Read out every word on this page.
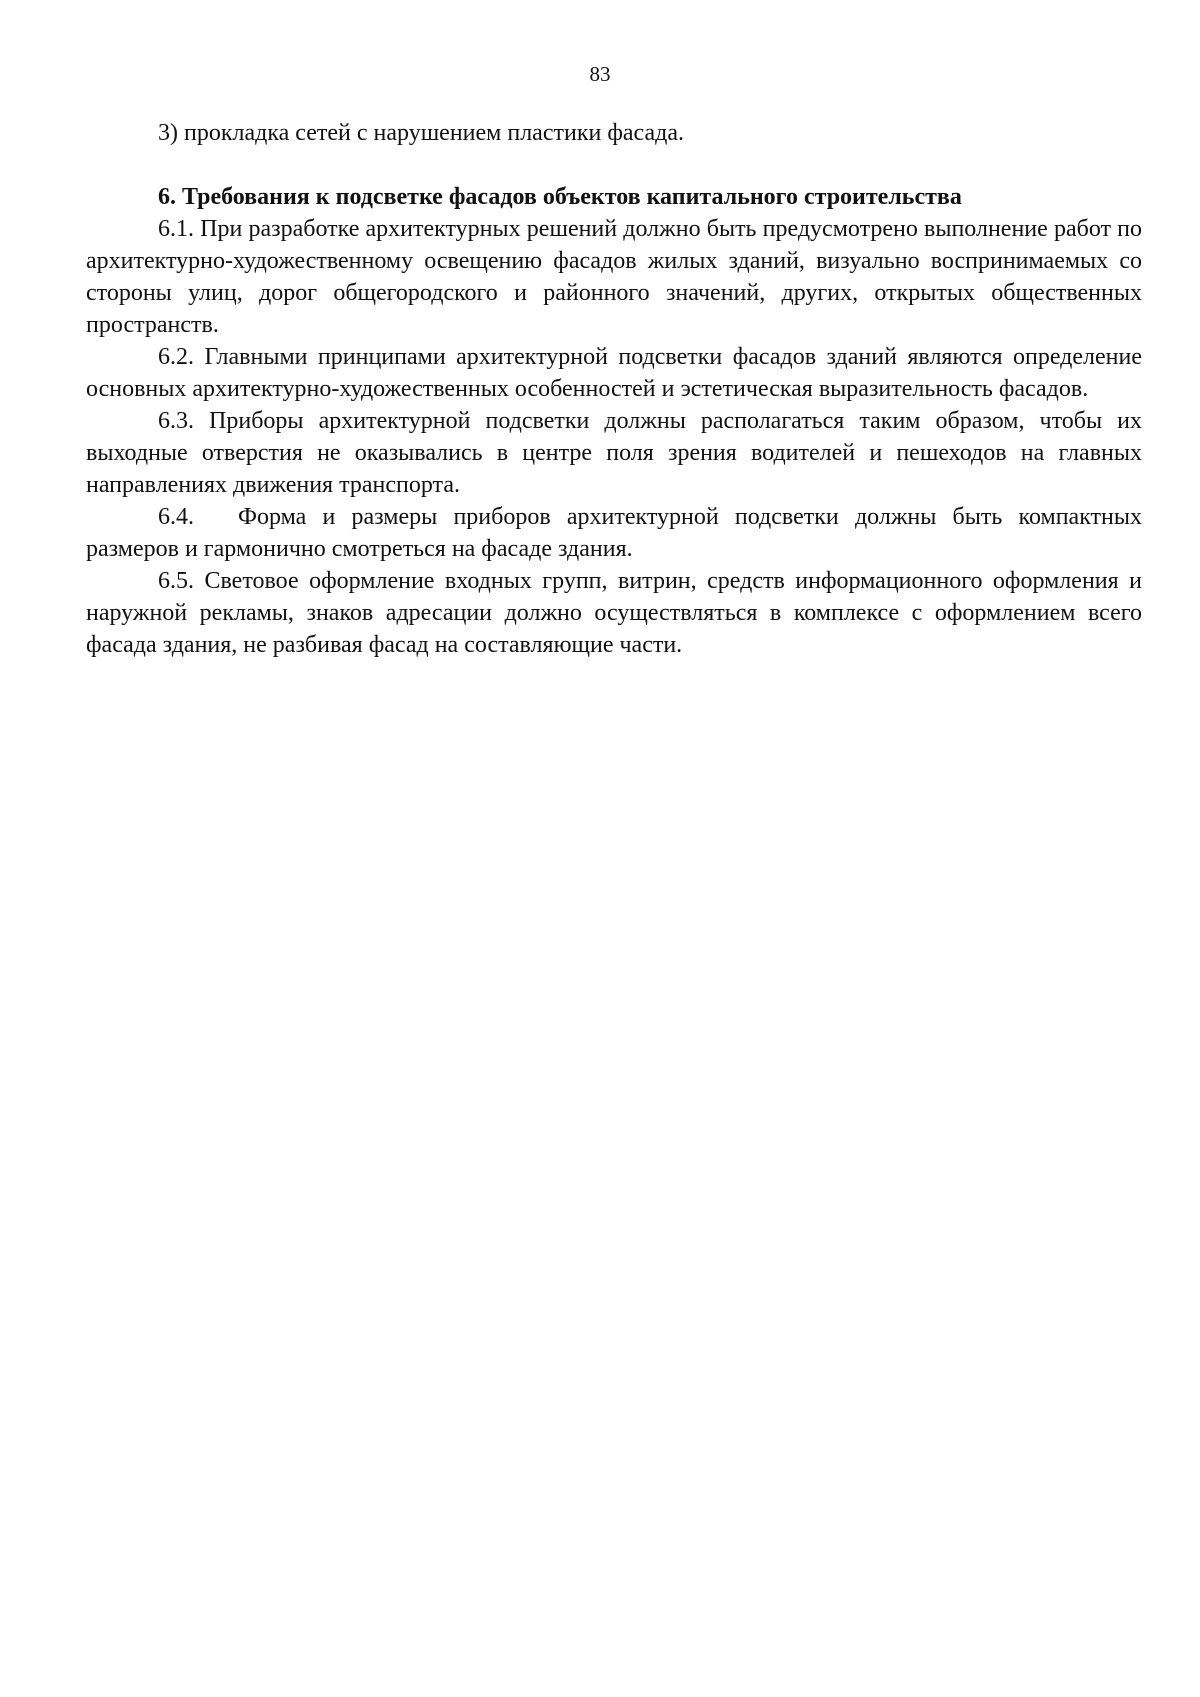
83

3) прокладка сетей с нарушением пластики фасада.

6. Требования к подсветке фасадов объектов капитального строительства

6.1. При разработке архитектурных решений должно быть предусмотрено выполнение работ по архитектурно-художественному освещению фасадов жилых зданий, визуально воспринимаемых со стороны улиц, дорог общегородского и районного значений, других, открытых общественных пространств.

6.2. Главными принципами архитектурной подсветки фасадов зданий являются определение основных архитектурно-художественных особенностей и эстетическая выразительность фасадов.

6.3. Приборы архитектурной подсветки должны располагаться таким образом, чтобы их выходные отверстия не оказывались в центре поля зрения водителей и пешеходов на главных направлениях движения транспорта.

6.4. Форма и размеры приборов архитектурной подсветки должны быть компактных размеров и гармонично смотреться на фасаде здания.

6.5. Световое оформление входных групп, витрин, средств информационного оформления и наружной рекламы, знаков адресации должно осуществляться в комплексе с оформлением всего фасада здания, не разбивая фасад на составляющие части.
